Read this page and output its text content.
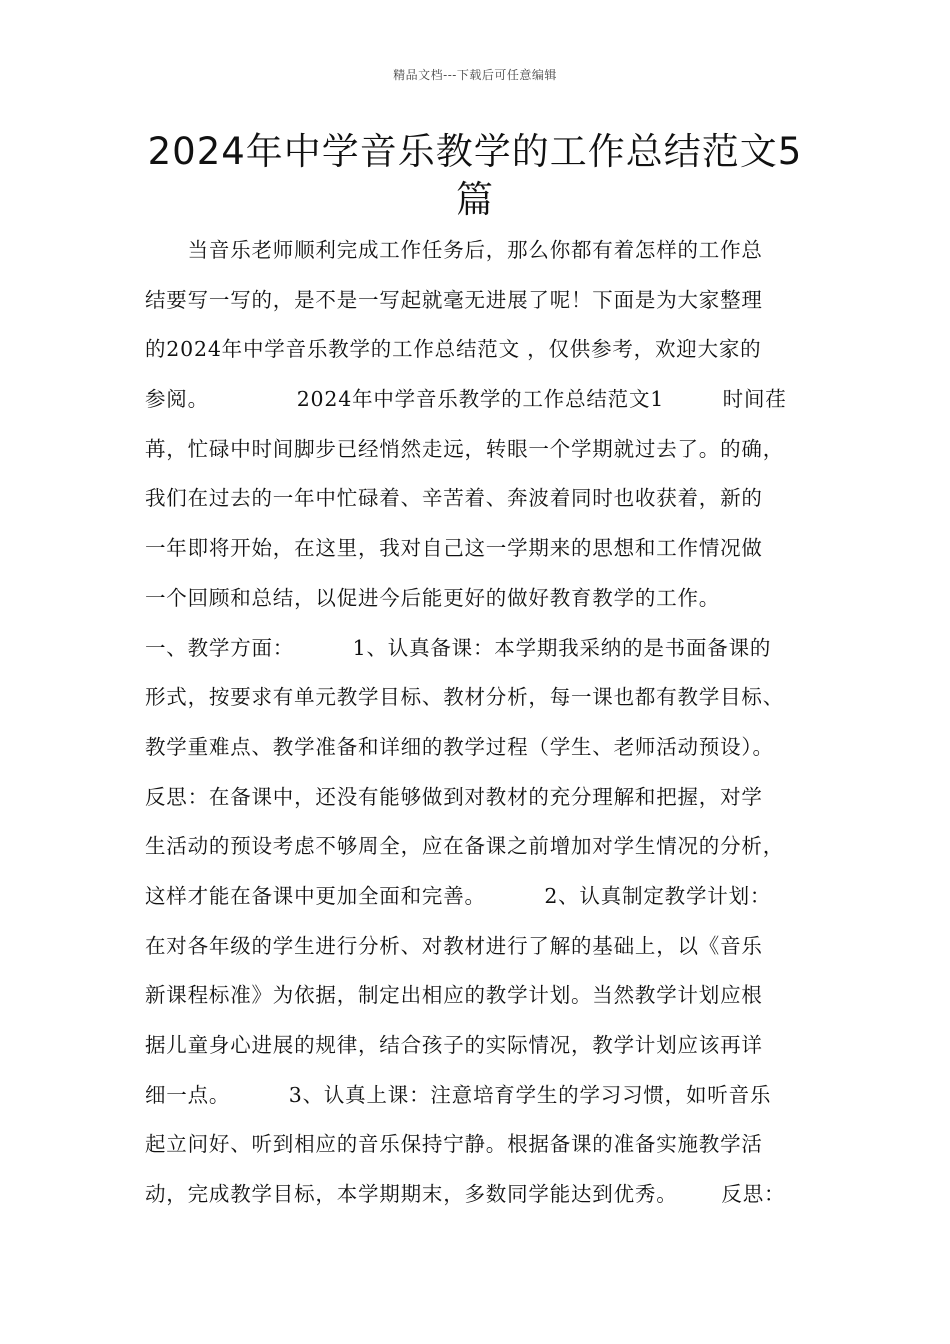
精品文档---下载后可任意编辑
2024年中学音乐教学的工作总结范文5篇
　　当音乐老师顺利完成工作任务后，那么你都有着怎样的工作总
结要写一写的，是不是一写起就毫无进展了呢！下面是为大家整理
的2024年中学音乐教学的工作总结范文 ，仅供参考，欢迎大家的
参阅。            2024年中学音乐教学的工作总结范文1        时间荏
苒，忙碌中时间脚步已经悄然走远，转眼一个学期就过去了。的确，
我们在过去的一年中忙碌着、辛苦着、奔波着同时也收获着，新的
一年即将开始，在这里，我对自己这一学期来的思想和工作情况做
一个回顾和总结，以促进今后能更好的做好教育教学的工作。
一、教学方面：        1、认真备课：本学期我采纳的是书面备课的
形式，按要求有单元教学目标、教材分析，每一课也都有教学目标、
教学重难点、教学准备和详细的教学过程（学生、老师活动预设）。
反思：在备课中，还没有能够做到对教材的充分理解和把握，对学
生活动的预设考虑不够周全，应在备课之前增加对学生情况的分析，
这样才能在备课中更加全面和完善。        2、认真制定教学计划：
在对各年级的学生进行分析、对教材进行了解的基础上，以《音乐
新课程标准》为依据，制定出相应的教学计划。当然教学计划应根
据儿童身心进展的规律，结合孩子的实际情况，教学计划应该再详
细一点。        3、认真上课：注意培育学生的学习习惯，如听音乐
起立问好、听到相应的音乐保持宁静。根据备课的准备实施教学活
动，完成教学目标，本学期期末，多数同学能达到优秀。      反思：
